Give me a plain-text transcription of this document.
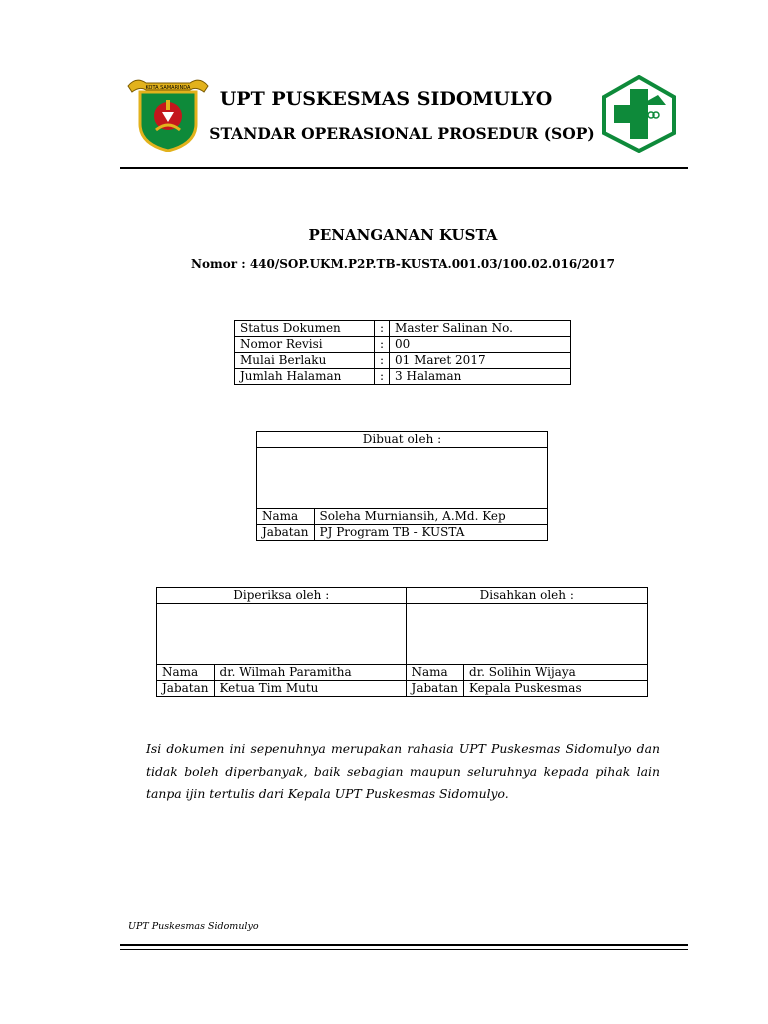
KOTA SAMARINDA	UPT PUSKESMAS SIDOMULYO
STANDAR OPERASIONAL PROSEDUR (SOP)
PENANGANAN KUSTA
Nomor : 440/SOP.UKM.P2P.TB-KUSTA.001.03/100.02.016/2017
Status Dokumen	:	Master Salinan No.
Nomor Revisi	:	00
Mulai Berlaku	:	01 Maret 2017
Jumlah Halaman	:	3 Halaman
Dibuat oleh :	

Nama	Soleha Murniansih, A.Md. Kep
Jabatan	PJ Program TB - KUSTA
Diperiksa oleh :		Disahkan oleh :	

Nama	dr. Wilmah Paramitha	Nama	dr. Solihin Wijaya
Jabatan	Ketua Tim Mutu	Jabatan	Kepala Puskesmas
Isi dokumen ini sepenuhnya merupakan rahasia UPT Puskesmas Sidomulyo dan tidak boleh diperbanyak, baik sebagian maupun seluruhnya kepada pihak lain tanpa ijin tertulis dari Kepala UPT Puskesmas Sidomulyo.
UPT Puskesmas Sidomulyo
